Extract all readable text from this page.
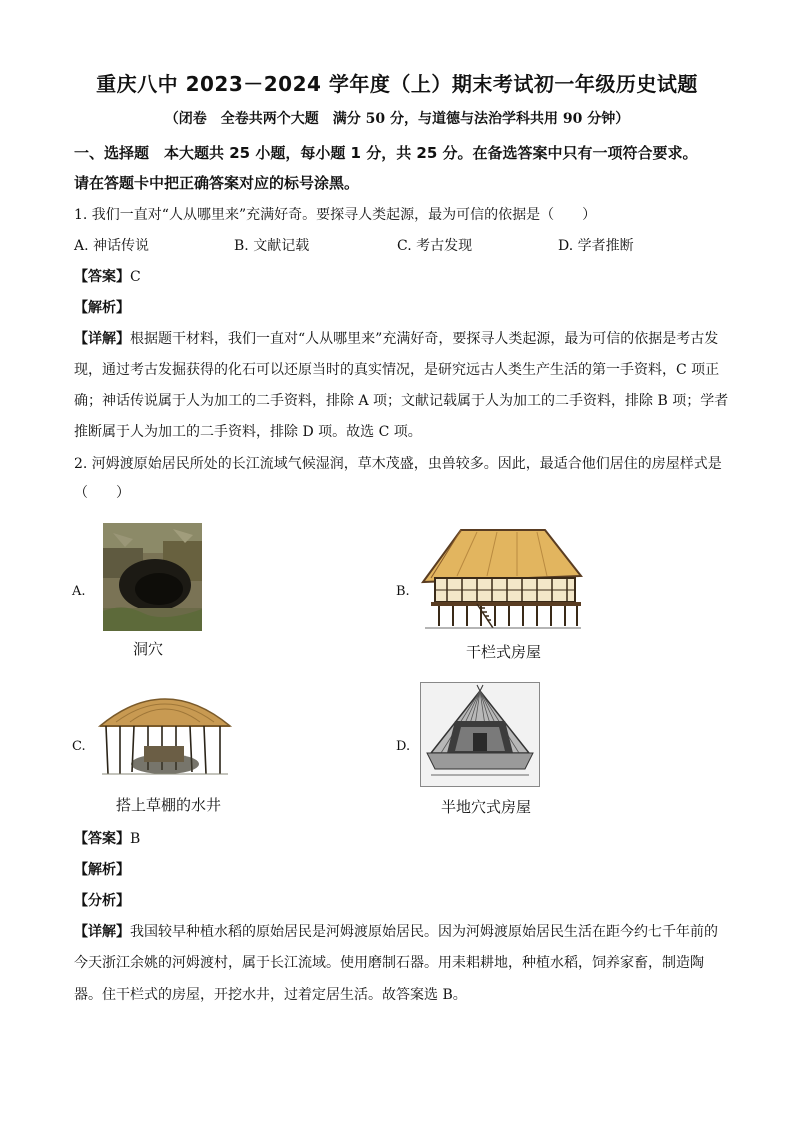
重庆八中 2023－2024 学年度（上）期末考试初一年级历史试题
（闭卷　全卷共两个大题　满分 50 分，与道德与法治学科共用 90 分钟）
一、选择题　本大题共 25 小题，每小题 1 分，共 25 分。在备选答案中只有一项符合要求。
请在答题卡中把正确答案对应的标号涂黑。
1. 我们一直对“人从哪里来”充满好奇。要探寻人类起源，最为可信的依据是（　　）
A. 神话传说	B. 文献记载	C. 考古发现	D. 学者推断
【答案】C
【解析】
【详解】根据题干材料，我们一直对“人从哪里来”充满好奇，要探寻人类起源，最为可信的依据是考古发
现，通过考古发掘获得的化石可以还原当时的真实情况，是研究远古人类生产生活的第一手资料，C 项正
确；神话传说属于人为加工的二手资料，排除 A 项；文献记载属于人为加工的二手资料，排除 B 项；学者
推断属于人为加工的二手资料，排除 D 项。故选 C 项。
2. 河姆渡原始居民所处的长江流域气候湿润，草木茂盛，虫兽较多。因此，最适合他们居住的房屋样式是
（　　）
A.
洞穴
B.
干栏式房屋
C.
搭上草棚的水井
D.
半地穴式房屋
【答案】B
【解析】
【分析】
【详解】我国较早种植水稻的原始居民是河姆渡原始居民。因为河姆渡原始居民生活在距今约七千年前的
今天浙江余姚的河姆渡村，属于长江流域。使用磨制石器。用耒耜耕地，种植水稻，饲养家畜，制造陶
器。住干栏式的房屋，开挖水井，过着定居生活。故答案选 B。
